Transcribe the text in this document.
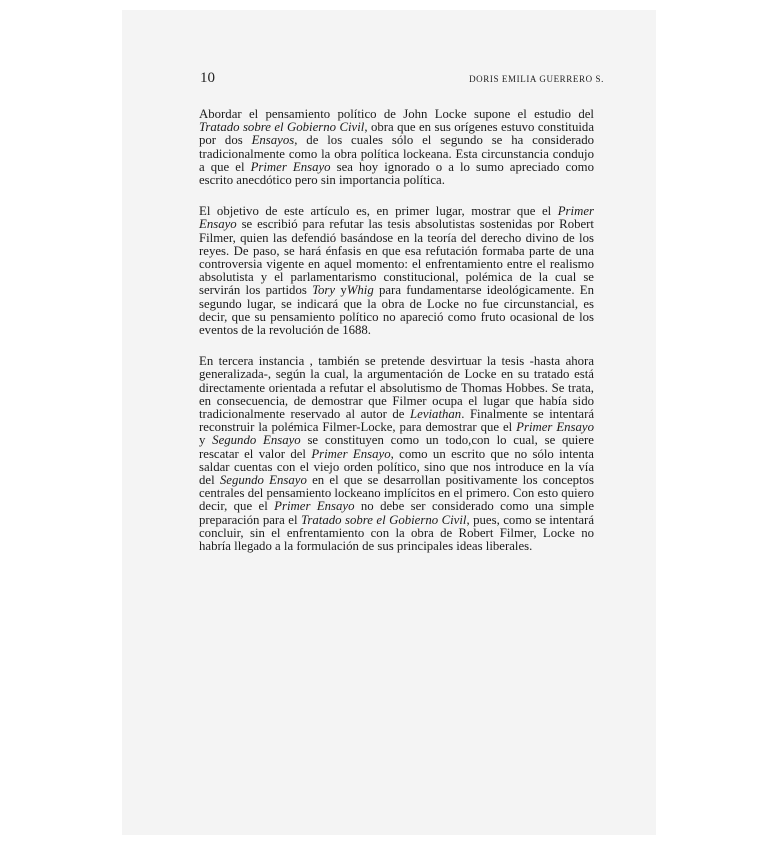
10	DORIS EMILIA GUERRERO S.

Abordar el pensamiento político de John Locke supone el estudio del Tratado sobre el Gobierno Civil, obra que en sus orígenes estuvo constituida por dos Ensayos, de los cuales sólo el segundo se ha considerado tradicionalmente como la obra política lockeana. Esta circunstancia condujo a que el Primer Ensayo sea hoy ignorado o a lo sumo apreciado como escrito anecdótico pero sin importancia política.

El objetivo de este artículo es, en primer lugar, mostrar que el Primer Ensayo se escribió para refutar las tesis absolutistas sostenidas por Robert Filmer, quien las defendió basándose en la teoría del derecho divino de los reyes. De paso, se hará énfasis en que esa refutación formaba parte de una controversia vigente en aquel momento: el enfrentamiento entre el realismo absolutista y el parlamentarismo constitucional, polémica de la cual se servirán los partidos Tory yWhig para fundamentarse ideológicamente. En segundo lugar, se indicará que la obra de Locke no fue circunstancial, es decir, que su pensamiento político no apareció como fruto ocasional de los eventos de la revolución de 1688.

En tercera instancia , también se pretende desvirtuar la tesis -hasta ahora generalizada-, según la cual, la argumentación de Locke en su tratado está directamente orientada a refutar el absolutismo de Thomas Hobbes. Se trata, en consecuencia, de demostrar que Filmer ocupa el lugar que había sido tradicionalmente reservado al autor de Leviathan. Finalmente se intentará reconstruir la polémica Filmer-Locke, para demostrar que el Primer Ensayo y Segundo Ensayo se constituyen como un todo,con lo cual, se quiere rescatar el valor del Primer Ensayo, como un escrito que no sólo intenta saldar cuentas con el viejo orden político, sino que nos introduce en la vía del Segundo Ensayo en el que se desarrollan positivamente los conceptos centrales del pensamiento lockeano implícitos en el primero. Con esto quiero decir, que el Primer Ensayo no debe ser considerado como una simple preparación para el Tratado sobre el Gobierno Civil, pues, como se intentará concluir, sin el enfrentamiento con la obra de Robert Filmer, Locke no habría llegado a la formulación de sus principales ideas liberales.
